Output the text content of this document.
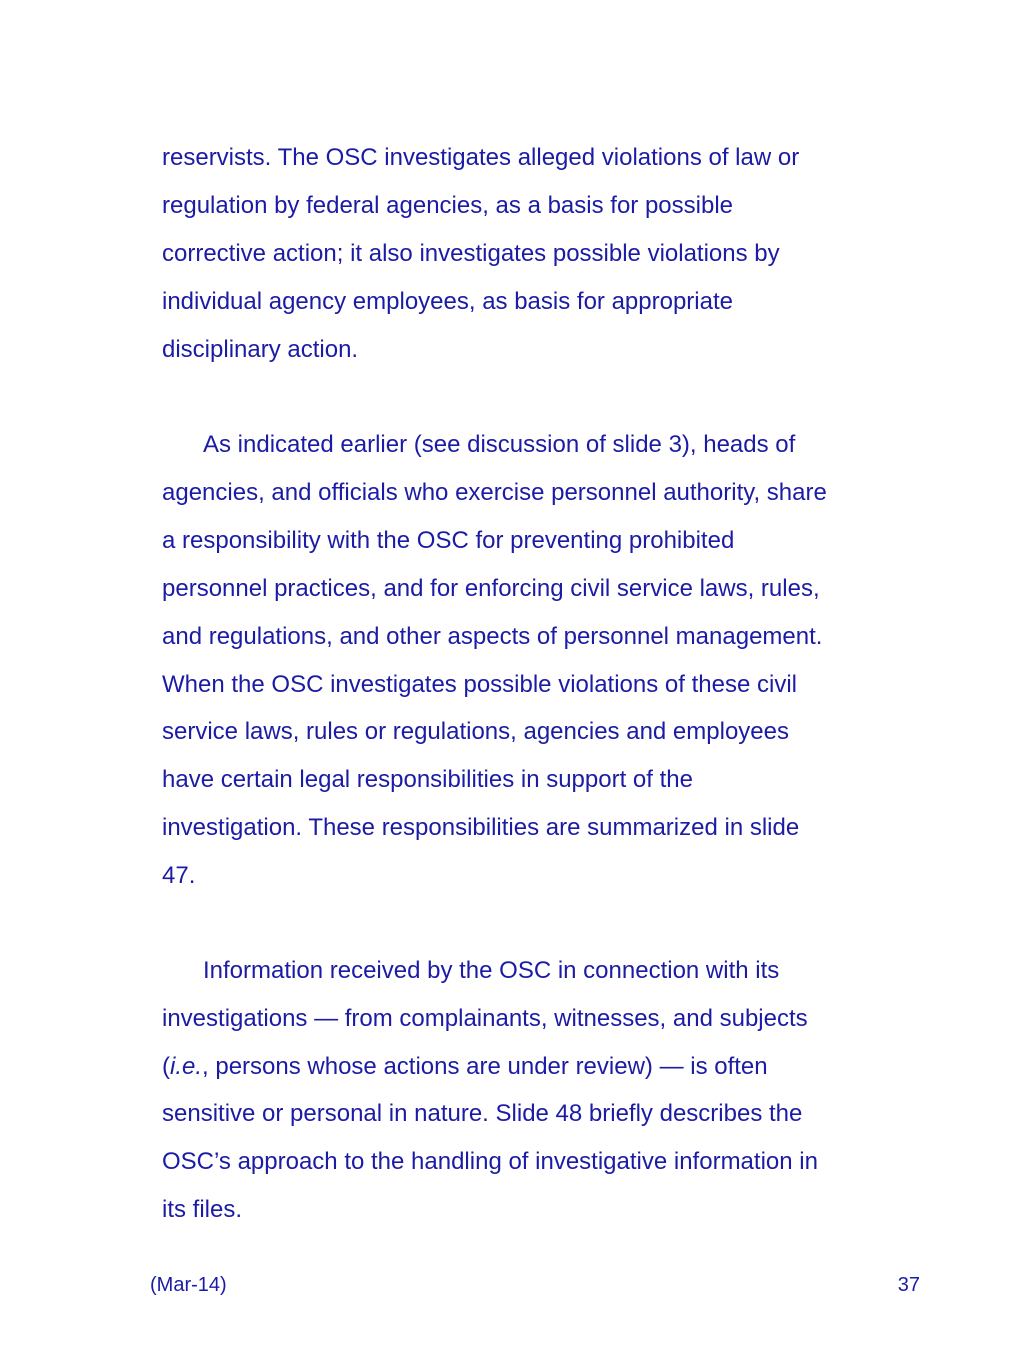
reservists. The OSC investigates alleged violations of law or
regulation by federal agencies, as a basis for possible
corrective action; it also investigates possible violations by
individual agency employees, as basis for appropriate
disciplinary action.
As indicated earlier (see discussion of slide 3), heads of
agencies, and officials who exercise personnel authority, share
a responsibility with the OSC for preventing prohibited
personnel practices, and for enforcing civil service laws, rules,
and regulations, and other aspects of personnel management.
When the OSC investigates possible violations of these civil
service laws, rules or regulations, agencies and employees
have certain legal responsibilities in support of the
investigation. These responsibilities are summarized in slide
47.
Information received by the OSC in connection with its
investigations — from complainants, witnesses, and subjects
(i.e., persons whose actions are under review) — is often
sensitive or personal in nature. Slide 48 briefly describes the
OSC’s approach to the handling of investigative information in
its files.
(Mar-14)	37
